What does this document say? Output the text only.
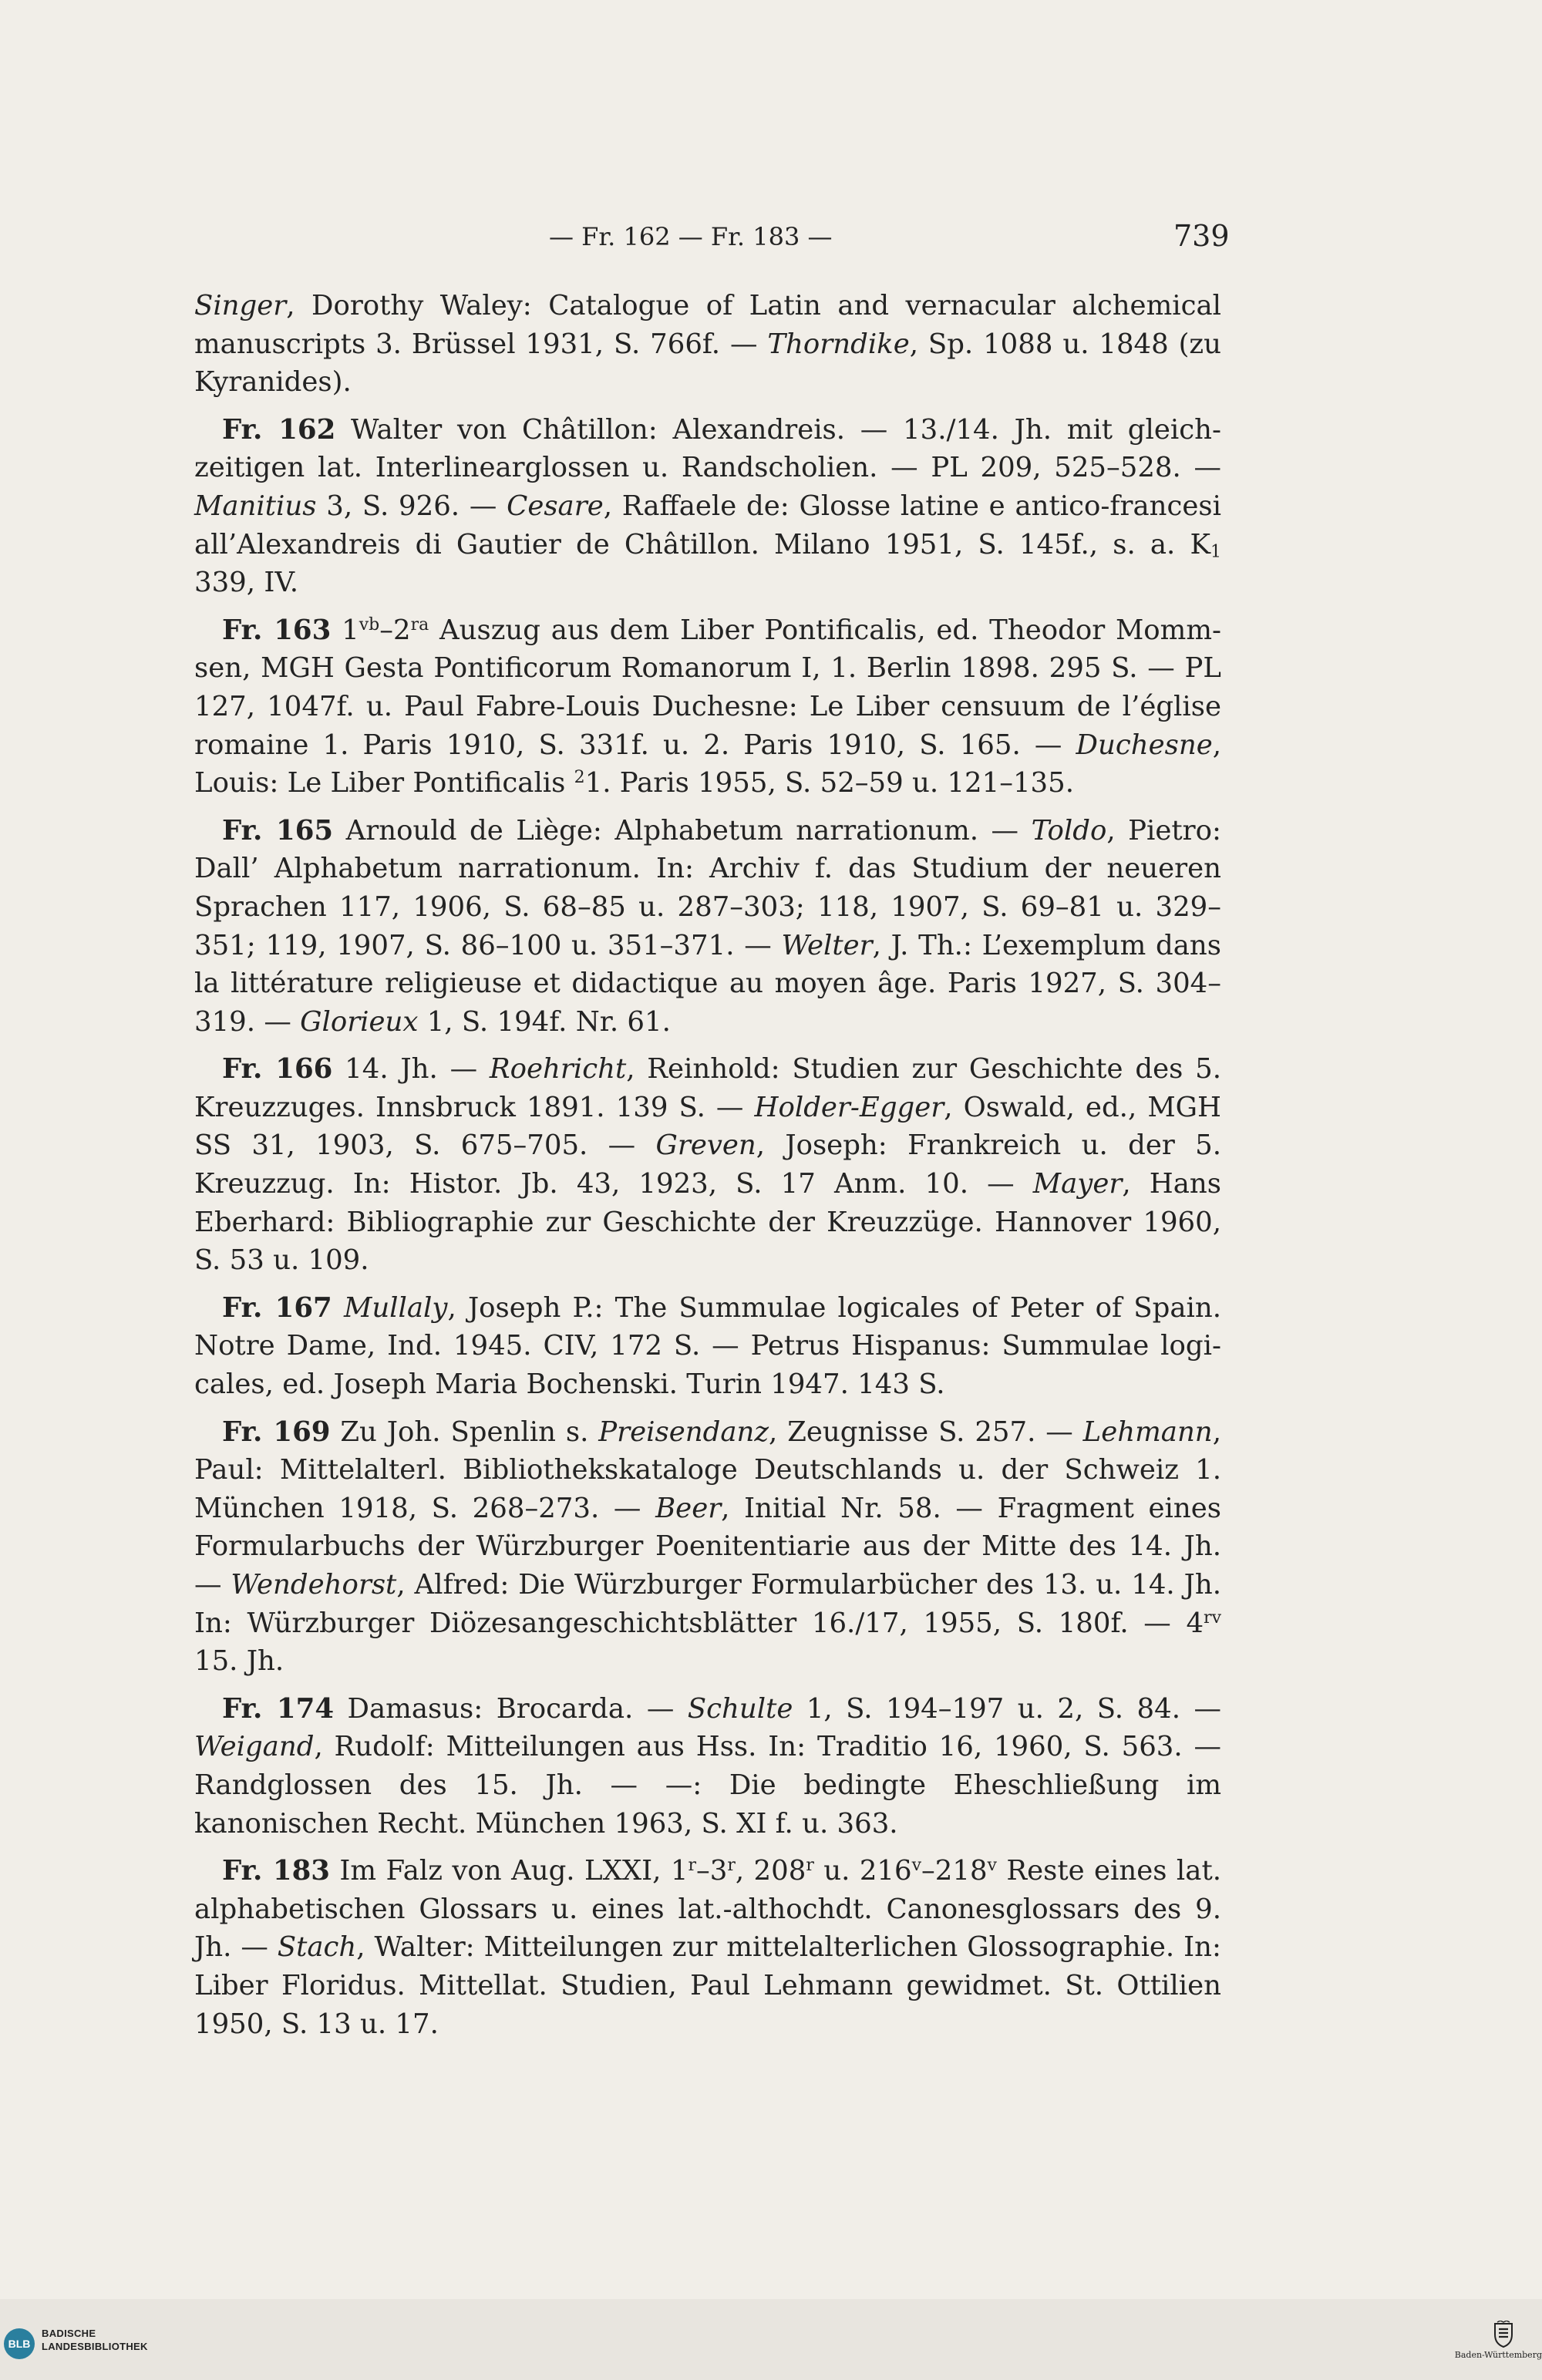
— Fr. 162 — Fr. 183 —	739

Singer, Dorothy Waley: Catalogue of Latin and vernacular alchemical manuscripts 3. Brüssel 1931, S. 766f. — Thorndike, Sp. 1088 u. 1848 (zu Kyranides).

Fr. 162 Walter von Châtillon: Alexandreis. — 13./14. Jh. mit gleichzeitigen lat. Interlinearglossen u. Randscholien. — PL 209, 525–528. — Manitius 3, S. 926. — Cesare, Raffaele de: Glosse latine e antico-francesi all’Alexandreis di Gautier de Châtillon. Milano 1951, S. 145f., s. a. $K_1$ 339, IV.

Fr. 163 $1^{vb}-2^{ra}$ Auszug aus dem Liber Pontificalis, ed. Theodor Mommsen, MGH Gesta Pontificorum Romanorum I, 1. Berlin 1898. 295 S. — PL 127, 1047f. u. Paul Fabre-Louis Duchesne: Le Liber censuum de l’église romaine 1. Paris 1910, S. 331f. u. 2. Paris 1910, S. 165. — Duchesne, Louis: Le Liber Pontificalis $^2$1. Paris 1955, S. 52–59 u. 121–135.

Fr. 165 Arnould de Liège: Alphabetum narrationum. — Toldo, Pietro: Dall’ Alphabetum narrationum. In: Archiv f. das Studium der neueren Sprachen 117, 1906, S. 68–85 u. 287–303; 118, 1907, S. 69–81 u. 329–351; 119, 1907, S. 86–100 u. 351–371. — Welter, J. Th.: L’exemplum dans la littérature religieuse et didactique au moyen âge. Paris 1927, S. 304–319. — Glorieux 1, S. 194f. Nr. 61.

Fr. 166 14. Jh. — Roehricht, Reinhold: Studien zur Geschichte des 5. Kreuzzuges. Innsbruck 1891. 139 S. — Holder-Egger, Oswald, ed., MGH SS 31, 1903, S. 675–705. — Greven, Joseph: Frankreich u. der 5. Kreuzzug. In: Histor. Jb. 43, 1923, S. 17 Anm. 10. — Mayer, Hans Eberhard: Bibliographie zur Geschichte der Kreuzzüge. Hannover 1960, S. 53 u. 109.

Fr. 167 Mullaly, Joseph P.: The Summulae logicales of Peter of Spain. Notre Dame, Ind. 1945. CIV, 172 S. — Petrus Hispanus: Summulae logicales, ed. Joseph Maria Bochenski. Turin 1947. 143 S.

Fr. 169 Zu Joh. Spenlin s. Preisendanz, Zeugnisse S. 257. — Lehmann, Paul: Mittelalterl. Bibliothekskataloge Deutschlands u. der Schweiz 1. München 1918, S. 268–273. — Beer, Initial Nr. 58. — Fragment eines Formularbuchs der Würzburger Poenitentiarie aus der Mitte des 14. Jh. — Wendehorst, Alfred: Die Würzburger Formularbücher des 13. u. 14. Jh. In: Würzburger Diözesangeschichtsblätter 16./17, 1955, S. 180f. — $4^{rv}$ 15. Jh.

Fr. 174 Damasus: Brocarda. — Schulte 1, S. 194–197 u. 2, S. 84. — Weigand, Rudolf: Mitteilungen aus Hss. In: Traditio 16, 1960, S. 563. — Randglossen des 15. Jh. — —: Die bedingte Eheschließung im kanonischen Recht. München 1963, S. XI f. u. 363.

Fr. 183 Im Falz von Aug. LXXI, 1$^r$–3$^r$, 208$^r$ u. 216$^v$–218$^v$ Reste eines lat. alphabetischen Glossars u. eines lat.-althochdt. Canonesglossars des 9. Jh. — Stach, Walter: Mitteilungen zur mittelalterlichen Glossographie. In: Liber Floridus. Mittellat. Studien, Paul Lehmann gewidmet. St. Ottilien 1950, S. 13 u. 17.

BLB
BADISCHE
LANDESBIBLIOTHEK
Baden-Württemberg
